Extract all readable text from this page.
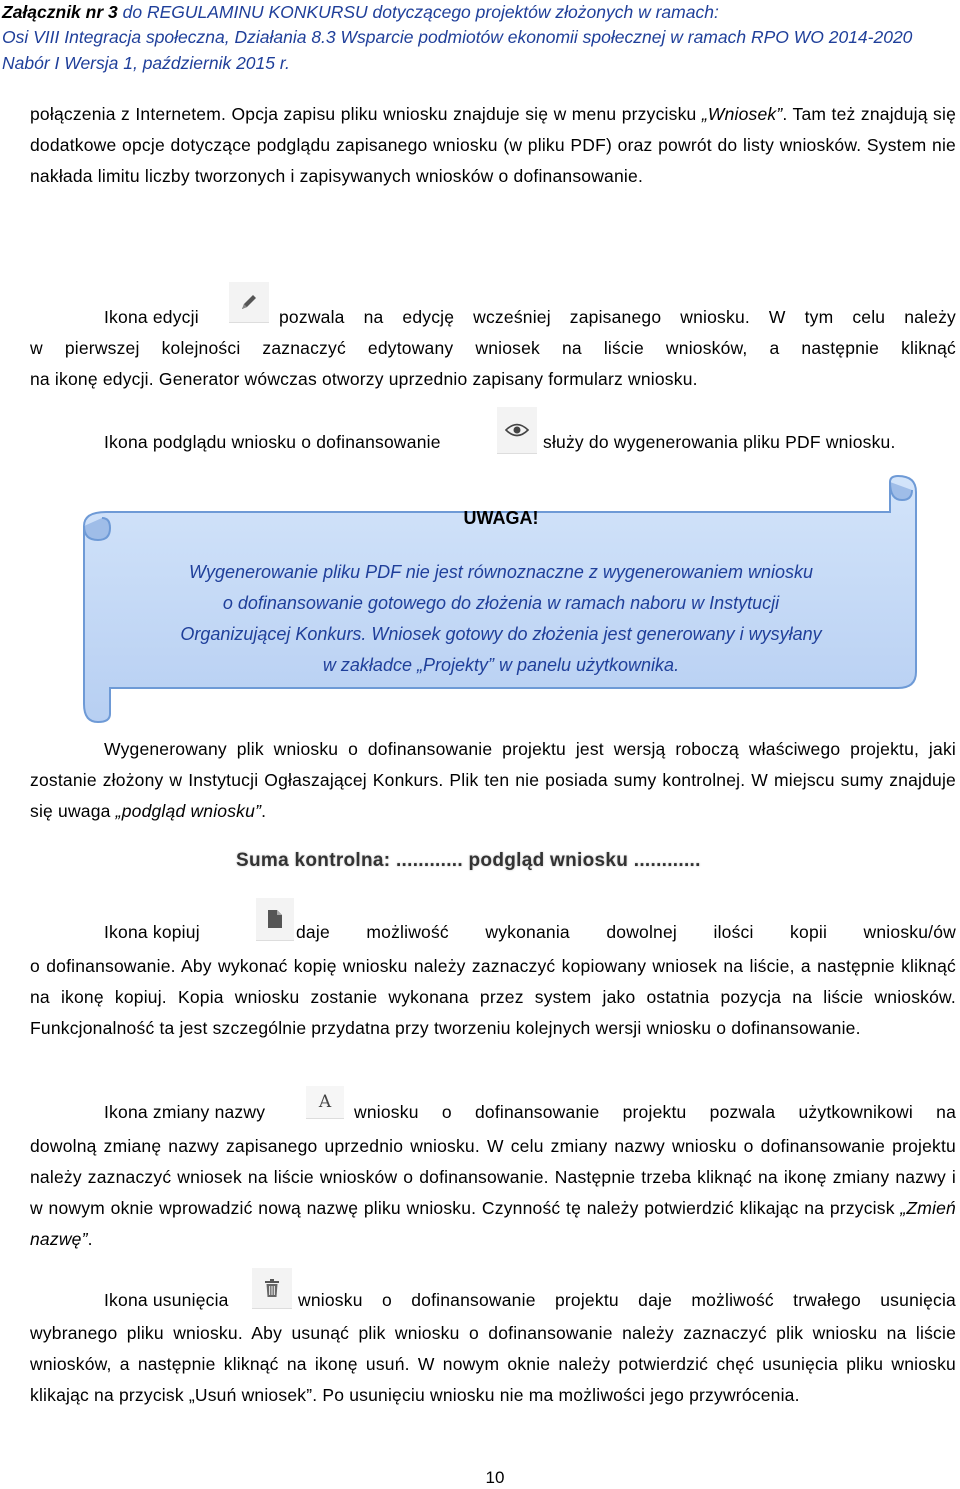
Załącznik nr 3 do REGULAMINU KONKURSU dotyczącego projektów złożonych w ramach:
Osi VIII Integracja społeczna, Działania 8.3 Wsparcie podmiotów ekonomii społecznej w ramach RPO WO 2014-2020
Nabór I Wersja 1, październik 2015 r.
połączenia z Internetem. Opcja zapisu pliku wniosku znajduje się w menu przycisku „Wniosek”. Tam też znajdują się dodatkowe opcje dotyczące podglądu zapisanego wniosku (w pliku PDF) oraz powrót do listy wniosków. System nie nakłada limitu liczby tworzonych i zapisywanych wniosków o dofinansowanie.
Ikona edycji	pozwala na edycję wcześniej zapisanego wniosku. W tym celu należy
w pierwszej kolejności zaznaczyć edytowany wniosek na liście wniosków, a następnie kliknąć
na ikonę edycji. Generator wówczas otworzy uprzednio zapisany formularz wniosku.
Ikona podglądu wniosku o dofinansowanie	służy do wygenerowania pliku PDF wniosku.
UWAGA!
Wygenerowanie pliku PDF nie jest równoznaczne z wygenerowaniem wniosku
o dofinansowanie gotowego do złożenia w ramach naboru w Instytucji
Organizującej Konkurs. Wniosek gotowy do złożenia jest generowany i wysyłany
w zakładce „Projekty” w panelu użytkownika.
Wygenerowany plik wniosku o dofinansowanie projektu jest wersją roboczą właściwego projektu, jaki zostanie złożony w Instytucji Ogłaszającej Konkurs. Plik ten nie posiada sumy kontrolnej. W miejscu sumy znajduje się uwaga „podgląd wniosku”.
Suma kontrolna: ............ podgląd wniosku ............
Ikona kopiuj	daje możliwość wykonania dowolnej ilości kopii wniosku/ów
o dofinansowanie. Aby wykonać kopię wniosku należy zaznaczyć kopiowany wniosek na liście, a następnie kliknąć na ikonę kopiuj. Kopia wniosku zostanie wykonana przez system jako ostatnia pozycja na liście wniosków. Funkcjonalność ta jest szczególnie przydatna przy tworzeniu kolejnych wersji wniosku o dofinansowanie.
Ikona zmiany nazwy	A wniosku o dofinansowanie projektu pozwala użytkownikowi na
dowolną zmianę nazwy zapisanego uprzednio wniosku. W celu zmiany nazwy wniosku o dofinansowanie projektu należy zaznaczyć wniosek na liście wniosków o dofinansowanie. Następnie trzeba kliknąć na ikonę zmiany nazwy i w nowym oknie wprowadzić nową nazwę pliku wniosku. Czynność tę należy potwierdzić klikając na przycisk „Zmień nazwę”.
Ikona usunięcia	wniosku o dofinansowanie projektu daje możliwość trwałego usunięcia
wybranego pliku wniosku. Aby usunąć plik wniosku o dofinansowanie należy zaznaczyć plik wniosku na liście wniosków, a następnie kliknąć na ikonę usuń. W nowym oknie należy potwierdzić chęć usunięcia pliku wniosku klikając na przycisk „Usuń wniosek”. Po usunięciu wniosku nie ma możliwości jego przywrócenia.
10
